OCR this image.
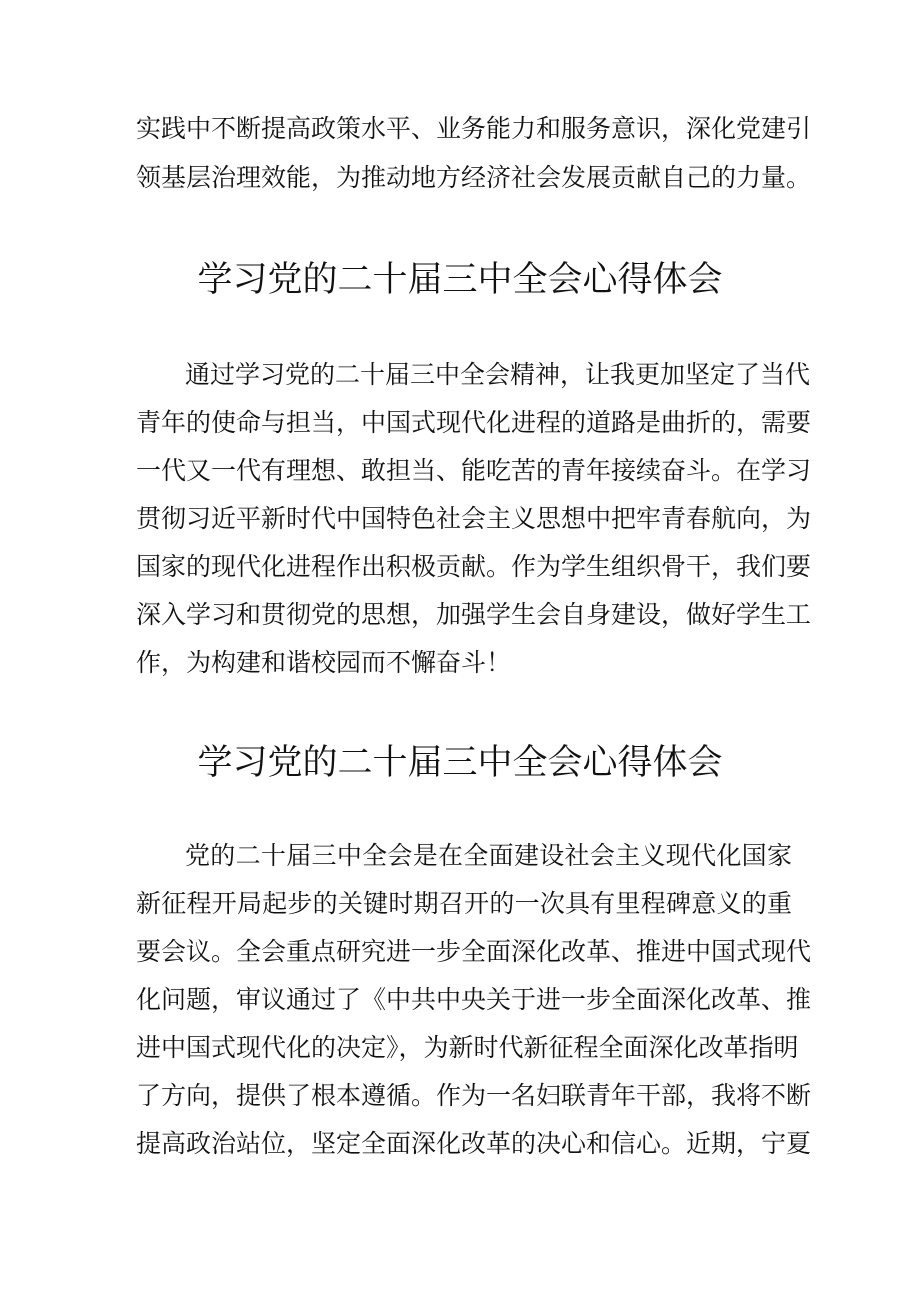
实践中不断提高政策水平、业务能力和服务意识，深化党建引
领基层治理效能，为推动地方经济社会发展贡献自己的力量。
学习党的二十届三中全会心得体会
通过学习党的二十届三中全会精神，让我更加坚定了当代
青年的使命与担当，中国式现代化进程的道路是曲折的，需要
一代又一代有理想、敢担当、能吃苦的青年接续奋斗。在学习
贯彻习近平新时代中国特色社会主义思想中把牢青春航向，为
国家的现代化进程作出积极贡献。作为学生组织骨干，我们要
深入学习和贯彻党的思想，加强学生会自身建设，做好学生工
作，为构建和谐校园而不懈奋斗！
学习党的二十届三中全会心得体会
党的二十届三中全会是在全面建设社会主义现代化国家
新征程开局起步的关键时期召开的一次具有里程碑意义的重
要会议。全会重点研究进一步全面深化改革、推进中国式现代
化问题，审议通过了《中共中央关于进一步全面深化改革、推
进中国式现代化的决定》，为新时代新征程全面深化改革指明
了方向，提供了根本遵循。作为一名妇联青年干部，我将不断
提高政治站位，坚定全面深化改革的决心和信心。近期，宁夏
